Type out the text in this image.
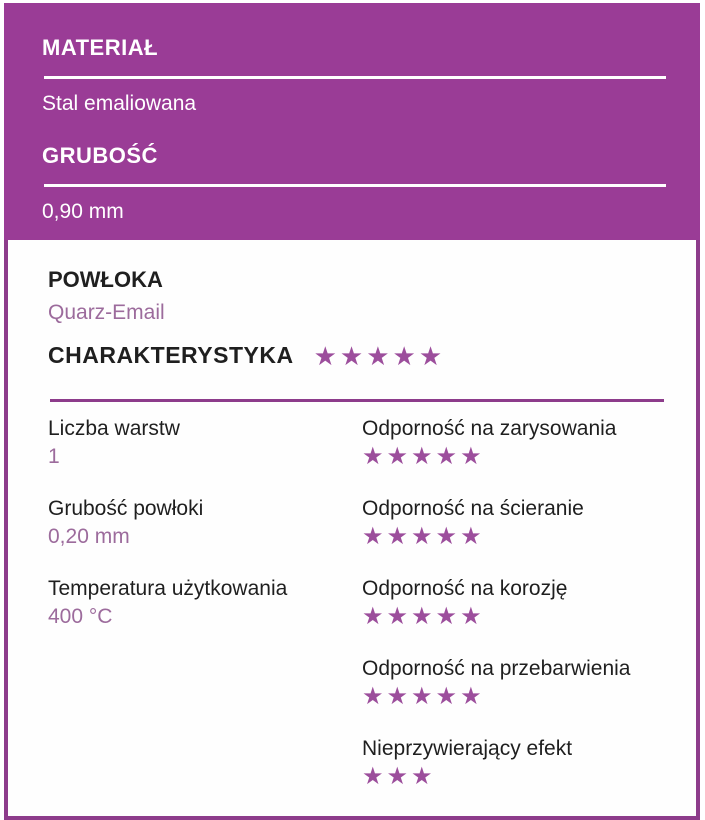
MATERIAŁ
Stal emaliowana
GRUBOŚĆ
0,90 mm
POWŁOKA
Quarz-Email
CHARAKTERYSTYKA ★★★★★
Liczba warstw
1
Grubość powłoki
0,20 mm
Temperatura użytkowania
400 °C
Odporność na zarysowania
★★★★★
Odporność na ścieranie
★★★★★
Odporność na korozję
★★★★★
Odporność na przebarwienia
★★★★★
Nieprzywierający efekt
★★★
